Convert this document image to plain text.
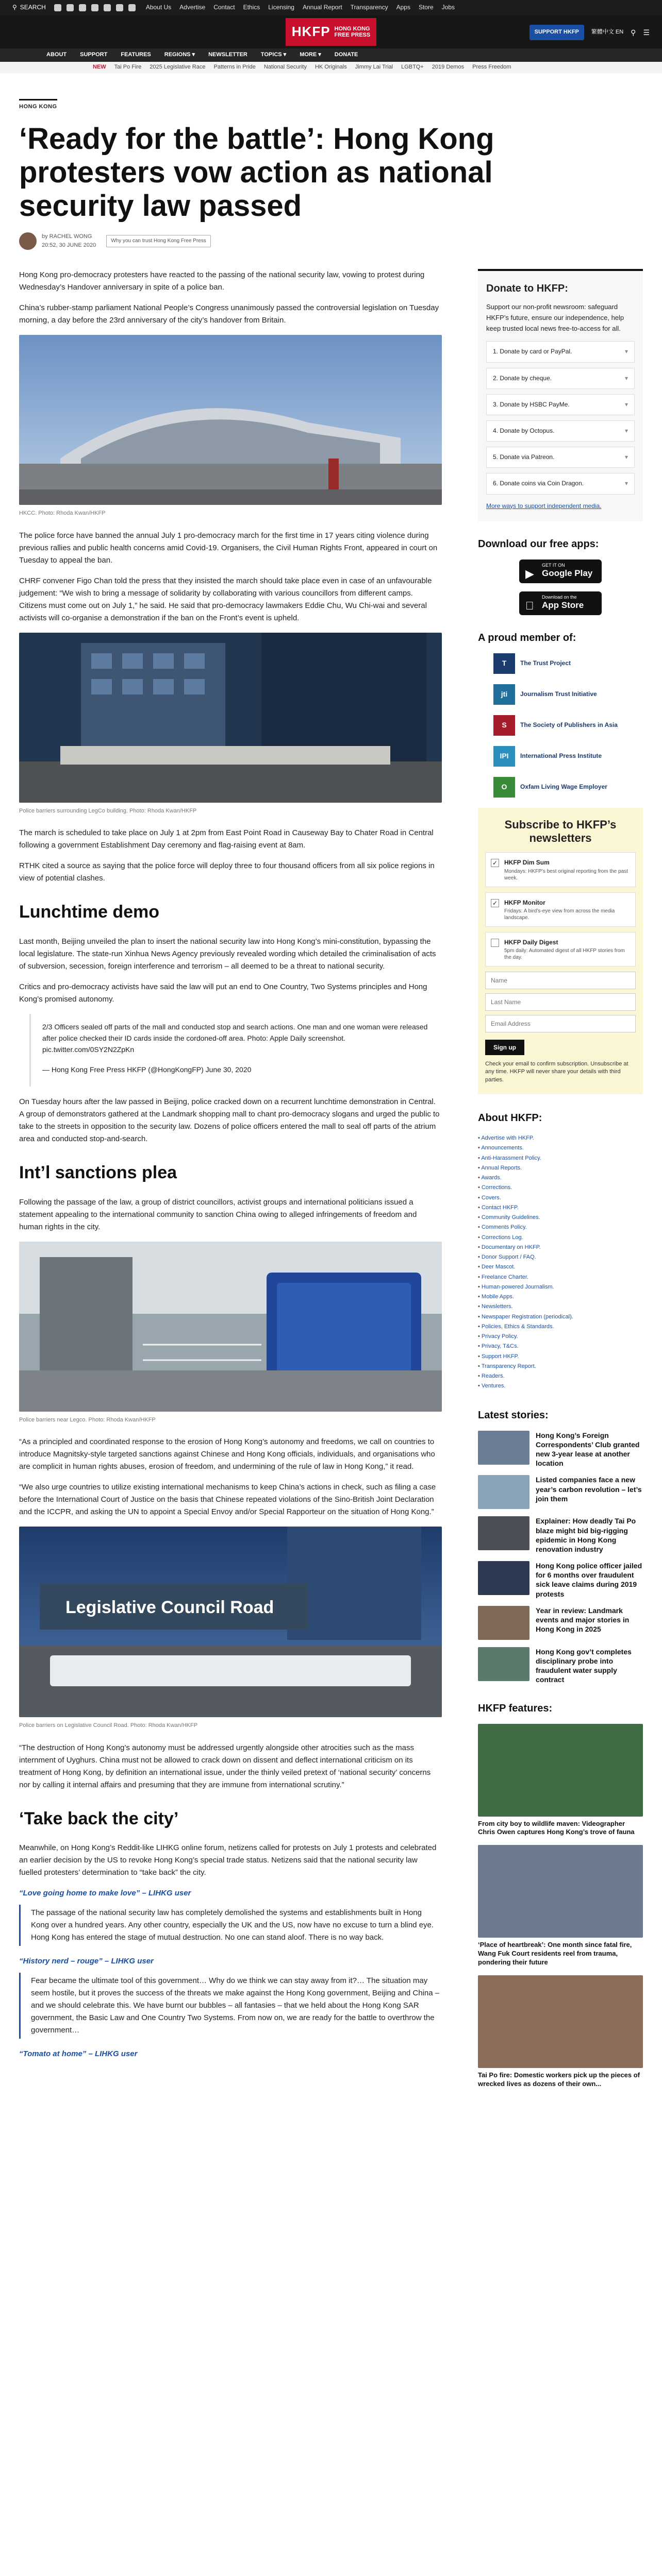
⚲ SEARCH	About Us Advertise Contact Ethics Licensing Annual Report Transparency Apps Store Jobs
HKFP HONG KONG
FREE PRESS	SUPPORT HKFP	繁體中文 EN ⚲ ☰
ABOUT SUPPORT FEATURES REGIONS ▾ NEWSLETTER TOPICS ▾ MORE ▾ DONATE
NEW Tai Po Fire 2025 Legislative Race Patterns in Pride National Security HK Originals Jimmy Lai Trial LGBTQ+ 2019 Demos Press Freedom
HONG KONG
‘Ready for the battle’: Hong Kong protesters vow action as national security law passed
by RACHEL WONG
20:52, 30 JUNE 2020
Why you can trust Hong Kong Free Press

Hong Kong pro-democracy protesters have reacted to the passing of the national security law, vowing to protest during Wednesday’s Handover anniversary in spite of a police ban.

China’s rubber-stamp parliament National People’s Congress unanimously passed the controversial legislation on Tuesday morning, a day before the 23rd anniversary of the city’s handover from Britain.

HKCC. Photo: Rhoda Kwan/HKFP

The police force have banned the annual July 1 pro-democracy march for the first time in 17 years citing violence during previous rallies and public health concerns amid Covid-19. Organisers, the Civil Human Rights Front, appeared in court on Tuesday to appeal the ban.

CHRF convener Figo Chan told the press that they insisted the march should take place even in case of an unfavourable judgement: “We wish to bring a message of solidarity by collaborating with various councillors from different camps. Citizens must come out on July 1,” he said. He said that pro-democracy lawmakers Eddie Chu, Wu Chi-wai and several activists will co-organise a demonstration if the ban on the Front’s event is upheld.

Police barriers surrounding LegCo building. Photo: Rhoda Kwan/HKFP

The march is scheduled to take place on July 1 at 2pm from East Point Road in Causeway Bay to Chater Road in Central following a government Establishment Day ceremony and flag-raising event at 8am.

RTHK cited a source as saying that the police force will deploy three to four thousand officers from all six police regions in view of potential clashes.

Lunchtime demo

Last month, Beijing unveiled the plan to insert the national security law into Hong Kong’s mini-constitution, bypassing the local legislature. The state-run Xinhua News Agency previously revealed wording which detailed the criminalisation of acts of subversion, secession, foreign interference and terrorism – all deemed to be a threat to national security.

Critics and pro-democracy activists have said the law will put an end to One Country, Two Systems principles and Hong Kong’s promised autonomy.

2/3 Officers sealed off parts of the mall and conducted stop and search actions. One man and one woman were released after police checked their ID cards inside the cordoned-off area. Photo: Apple Daily screenshot. pic.twitter.com/0SY2N2ZpKn

— Hong Kong Free Press HKFP (@HongKongFP) June 30, 2020

On Tuesday hours after the law passed in Beijing, police cracked down on a recurrent lunchtime demonstration in Central. A group of demonstrators gathered at the Landmark shopping mall to chant pro-democracy slogans and urged the public to take to the streets in opposition to the security law. Dozens of police officers entered the mall to seal off parts of the atrium area and conducted stop-and-search.

Int’l sanctions plea

Following the passage of the law, a group of district councillors, activist groups and international politicians issued a statement appealing to the international community to sanction China owing to alleged infringements of freedom and human rights in the city.

Police barriers near Legco. Photo: Rhoda Kwan/HKFP

“As a principled and coordinated response to the erosion of Hong Kong’s autonomy and freedoms, we call on countries to introduce Magnitsky-style targeted sanctions against Chinese and Hong Kong officials, individuals, and organisations who are complicit in human rights abuses, erosion of freedom, and undermining of the rule of law in Hong Kong,” it read.

“We also urge countries to utilize existing international mechanisms to keep China’s actions in check, such as filing a case before the International Court of Justice on the basis that Chinese repeated violations of the Sino-British Joint Declaration and the ICCPR, and asking the UN to appoint a Special Envoy and/or Special Rapporteur on the situation of Hong Kong.”

Legislative Council Road
Police barriers on Legislative Council Road. Photo: Rhoda Kwan/HKFP

“The destruction of Hong Kong’s autonomy must be addressed urgently alongside other atrocities such as the mass internment of Uyghurs. China must not be allowed to crack down on dissent and deflect international criticism on its treatment of Hong Kong, by definition an international issue, under the thinly veiled pretext of ‘national security’ concerns nor by calling it internal affairs and presuming that they are immune from international scrutiny.”

‘Take back the city’

Meanwhile, on Hong Kong’s Reddit-like LIHKG online forum, netizens called for protests on July 1 protests and celebrated an earlier decision by the US to revoke Hong Kong’s special trade status. Netizens said that the national security law fuelled protesters’ determination to “take back” the city.

“Love going home to make love” – LIHKG user

The passage of the national security law has completely demolished the systems and establishments built in Hong Kong over a hundred years. Any other country, especially the UK and the US, now have no excuse to turn a blind eye. Hong Kong has entered the stage of mutual destruction. No one can stand aloof. There is no way back.

“History nerd – rouge” – LIHKG user

Fear became the ultimate tool of this government… Why do we think we can stay away from it?… The situation may seem hostile, but it proves the success of the threats we make against the Hong Kong government, Beijing and China – and we should celebrate this. We have burnt our bubbles – all fantasies – that we held about the Hong Kong SAR government, the Basic Law and One Country Two Systems. From now on, we are ready for the battle to overthrow the government…

“Tomato at home” – LIHKG user
Donate to HKFP:
Support our non-profit newsroom: safeguard HKFP’s future, ensure our independence, help keep trusted local news free-to-access for all.
1. Donate by card or PayPal.	▾
2. Donate by cheque.	▾
3. Donate by HSBC PayMe.	▾
4. Donate by Octopus.	▾
5. Donate via Patreon.	▾
6. Donate coins via Coin Dragon.	▾
More ways to support independent media.
Download our free apps:
▶
GET IT ON
Google Play
Download on the
App Store
A proud member of:
T	The Trust Project
jti	Journalism Trust Initiative
S	The Society of Publishers in Asia
IPI	International Press Institute
O	Oxfam Living Wage Employer
Subscribe to HKFP’s newsletters
✓ HKFP Dim Sum
Mondays: HKFP’s best original reporting from the past week.
✓ HKFP Monitor
Fridays: A bird’s-eye view from across the media landscape.
HKFP Daily Digest
5pm daily: Automated digest of all HKFP stories from the day.
Name Last Name Email Address Sign up
Check your email to confirm subscription. Unsubscribe at any time. HKFP will never share your details with third parties.
About HKFP:
• Advertise with HKFP.
• Announcements.
• Anti-Harassment Policy.
• Annual Reports.
• Awards.
• Corrections.
• Covers.
• Contact HKFP.
• Community Guidelines.
• Comments Policy.
• Corrections Log.
• Documentary on HKFP.
• Donor Support / FAQ.
• Deer Mascot.
• Freelance Charter.
• Human-powered Journalism.
• Mobile Apps.
• Newsletters.
• Newspaper Registration (periodical).
• Policies, Ethics & Standards.
• Privacy Policy.
• Privacy, T&Cs.
• Support HKFP.
• Transparency Report.
• Readers.
• Ventures.
Latest stories:
Hong Kong’s Foreign Correspondents’ Club granted new 3-year lease at another location
Listed companies face a new year’s carbon revolution – let’s join them
Explainer: How deadly Tai Po blaze might bid big-rigging epidemic in Hong Kong renovation industry
Hong Kong police officer jailed for 6 months over fraudulent sick leave claims during 2019 protests
Year in review: Landmark events and major stories in Hong Kong in 2025
Hong Kong gov’t completes disciplinary probe into fraudulent water supply contract
HKFP features:
From city boy to wildlife maven: Videographer Chris Owen captures Hong Kong’s trove of fauna
‘Place of heartbreak’: One month since fatal fire, Wang Fuk Court residents reel from trauma, pondering their future
Tai Po fire: Domestic workers pick up the pieces of wrecked lives as dozens of their own...
